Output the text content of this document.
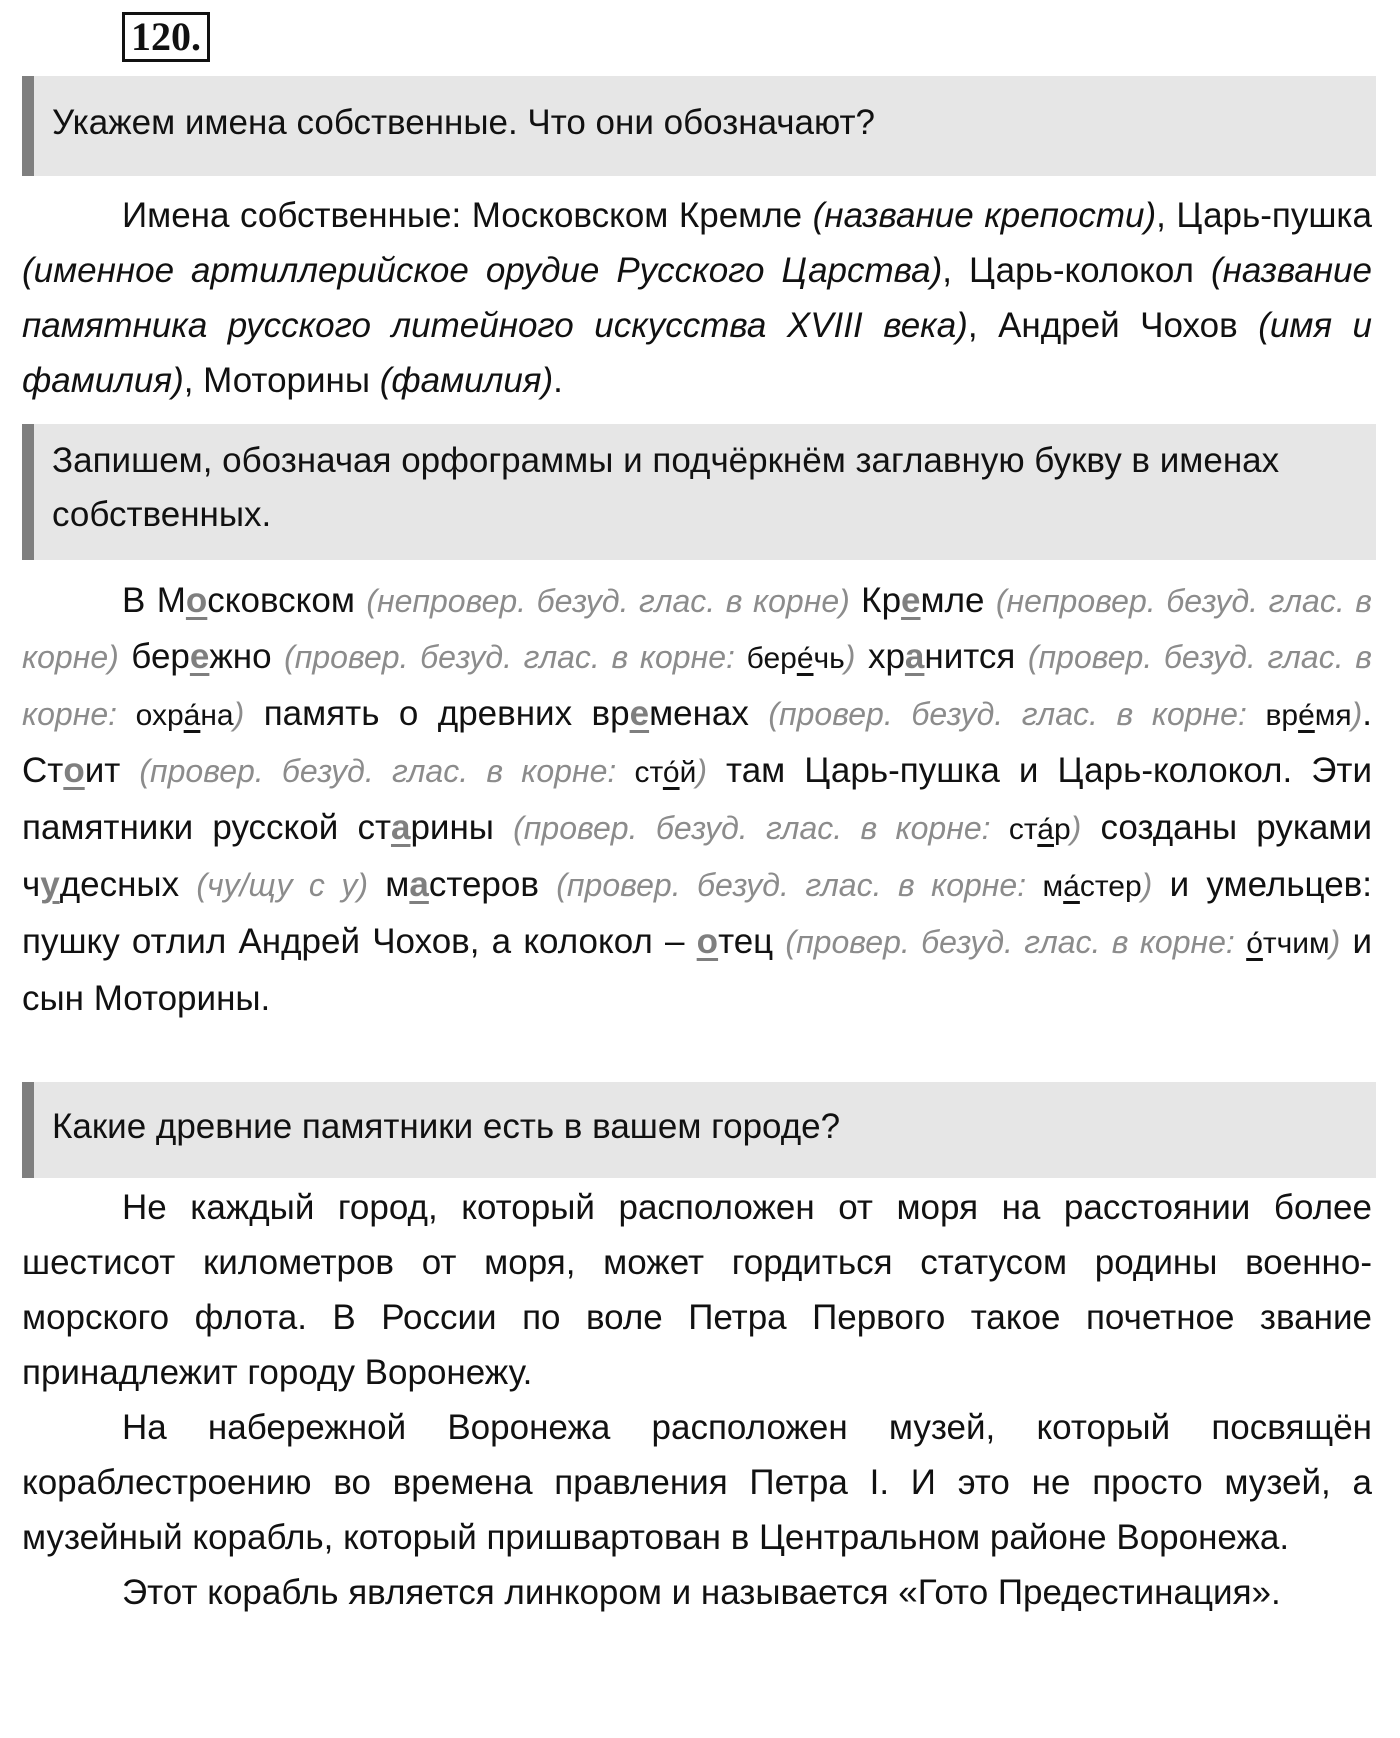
120.
Укажем имена собственные. Что они обозначают?

Имена собственные: Московском Кремле (название крепости), Царь-пушка (именное артиллерийское орудие Русского Царства), Царь-колокол (название памятника русского литейного искусства XVIII века), Андрей Чохов (имя и фамилия), Моторины (фамилия).

Запишем, обозначая орфограммы и подчёркнём заглавную букву в именах собственных.

В Московском (непровер. безуд. глас. в корне) Кремле (непровер. безуд. глас. в корне) бережно (провер. безуд. глас. в корне: бере́чь) хранится (провер. безуд. глас. в корне: охра́на) память о древних временах (провер. безуд. глас. в корне: вре́мя). Стоит (провер. безуд. глас. в корне: сто́й) там Царь-пушка и Царь-колокол. Эти памятники русской старины (провер. безуд. глас. в корне: ста́р) созданы руками чудесных (чу/щу с у) мастеров (провер. безуд. глас. в корне: ма́стер) и умельцев: пушку отлил Андрей Чохов, а колокол – отец (провер. безуд. глас. в корне: о́тчим) и сын Моторины.

Какие древние памятники есть в вашем городе?

Не каждый город, который расположен от моря на расстоянии более шестисот километров от моря, может гордиться статусом родины военно-морского флота. В России по воле Петра Первого такое почетное звание принадлежит городу Воронежу.

На набережной Воронежа расположен музей, который посвящён кораблестроению во времена правления Петра I. И это не просто музей, а музейный корабль, который пришвартован в Центральном районе Воронежа.

Этот корабль является линкором и называется «Гото Предестинация».
